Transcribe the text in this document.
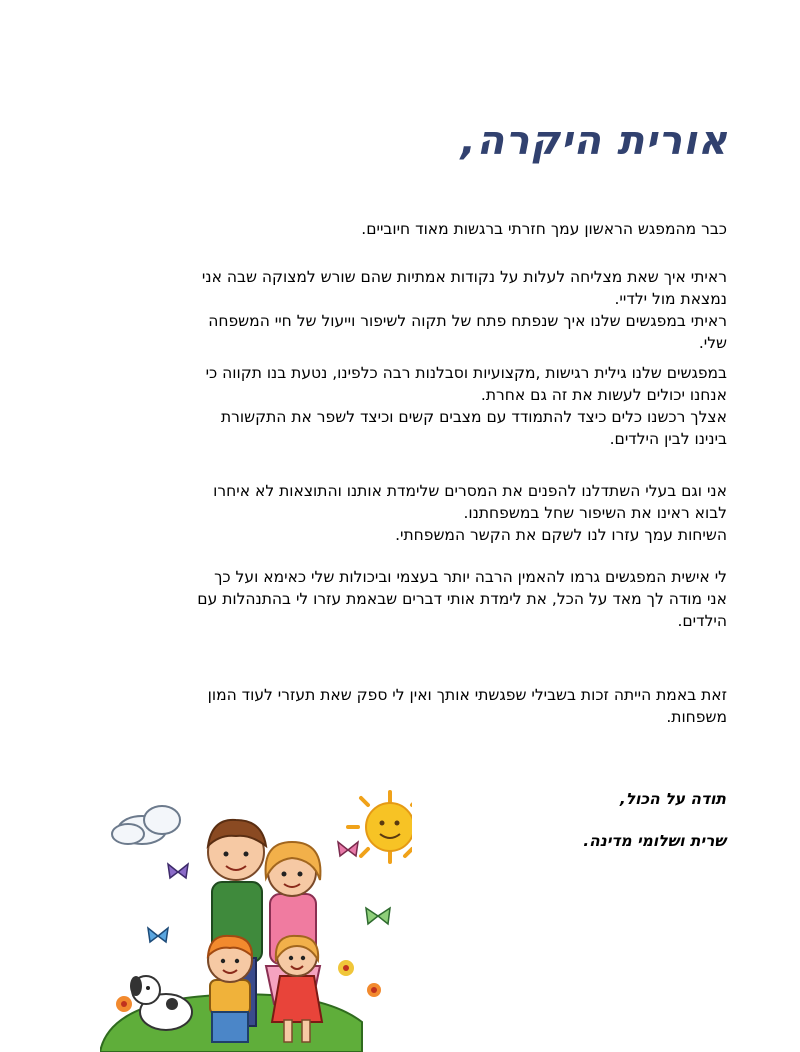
אורית היקרה,

כבר מהמפגש הראשון עמך חזרתי ברגשות מאוד חיוביים.

ראיתי איך שאת מצליחה לעלות על נקודות אמתיות שהם שורש למצוקה שבה אני
נמצאת מול ילדיי.
ראיתי במפגשים שלנו איך שנפתח פתח של תקוה לשיפור וייעול של חיי המשפחה
שלי.

במפגשים שלנו גילית רגישות ,מקצועיות וסבלנות רבה כלפינו, נטעת בנו תקווה כי
אנחנו יכולים לעשות את זה גם אחרת.
אצלך רכשנו כלים כיצד להתמודד עם מצבים קשים וכיצד לשפר את התקשורת
בינינו לבין הילדים.

אני וגם בעלי השתדלנו להפנים את המסרים שלימדת אותנו והתוצאות לא איחרו
לבוא ראינו את השיפור שחל במשפחתנו.
השיחות עמך עזרו לנו לשקם את הקשר המשפחתי.

לי אישית המפגשים גרמו להאמין הרבה יותר בעצמי וביכולות שלי כאימא ועל כך
אני מודה לך מאד על הכל, את לימדת אותי דברים שבאמת עזרו לי בהתנהלות עם
הילדים.

זאת באמת הייתה זכות בשבילי שפגשתי אותך ואין לי ספק שאת תעזרי לעוד המון
משפחות.

תודה על הכול,
שרית ושלומי מדינה.
